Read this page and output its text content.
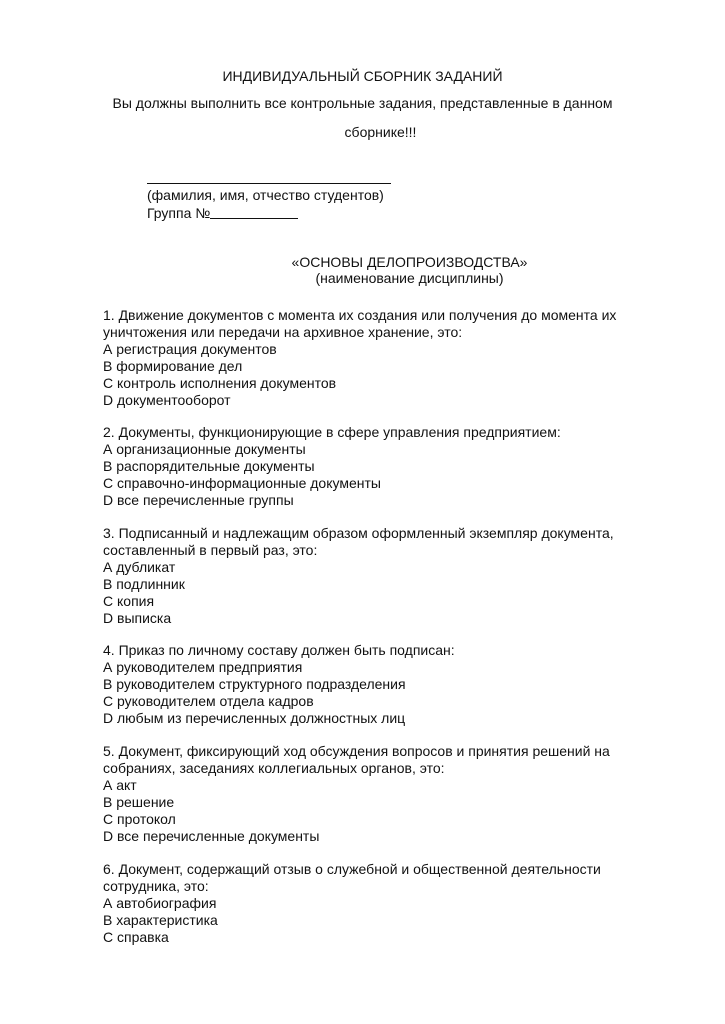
ИНДИВИДУАЛЬНЫЙ СБОРНИК ЗАДАНИЙ
Вы должны выполнить все контрольные задания, представленные в данном
сборнике!!!
(фамилия, имя, отчество студентов)
Группа №
«ОСНОВЫ ДЕЛОПРОИЗВОДСТВА»
(наименование дисциплины)
1. Движение документов с момента их создания или получения до момента их
уничтожения или передачи на архивное хранение, это:
А регистрация документов
В формирование дел
С контроль исполнения документов
D документооборот
2. Документы, функционирующие в сфере управления предприятием:
А организационные документы
В распорядительные документы
С справочно-информационные документы
D все перечисленные группы
3. Подписанный и надлежащим образом оформленный экземпляр документа,
составленный в первый раз, это:
А дубликат
В подлинник
С копия
D выписка
4. Приказ по личному составу должен быть подписан:
А руководителем предприятия
В руководителем структурного подразделения
С руководителем отдела кадров
D любым из перечисленных должностных лиц
5. Документ, фиксирующий ход обсуждения вопросов и принятия решений на
собраниях, заседаниях коллегиальных органов, это:
А акт
В решение
С протокол
D все перечисленные документы
6. Документ, содержащий отзыв о служебной и общественной деятельности
сотрудника, это:
А автобиография
В характеристика
С справка
